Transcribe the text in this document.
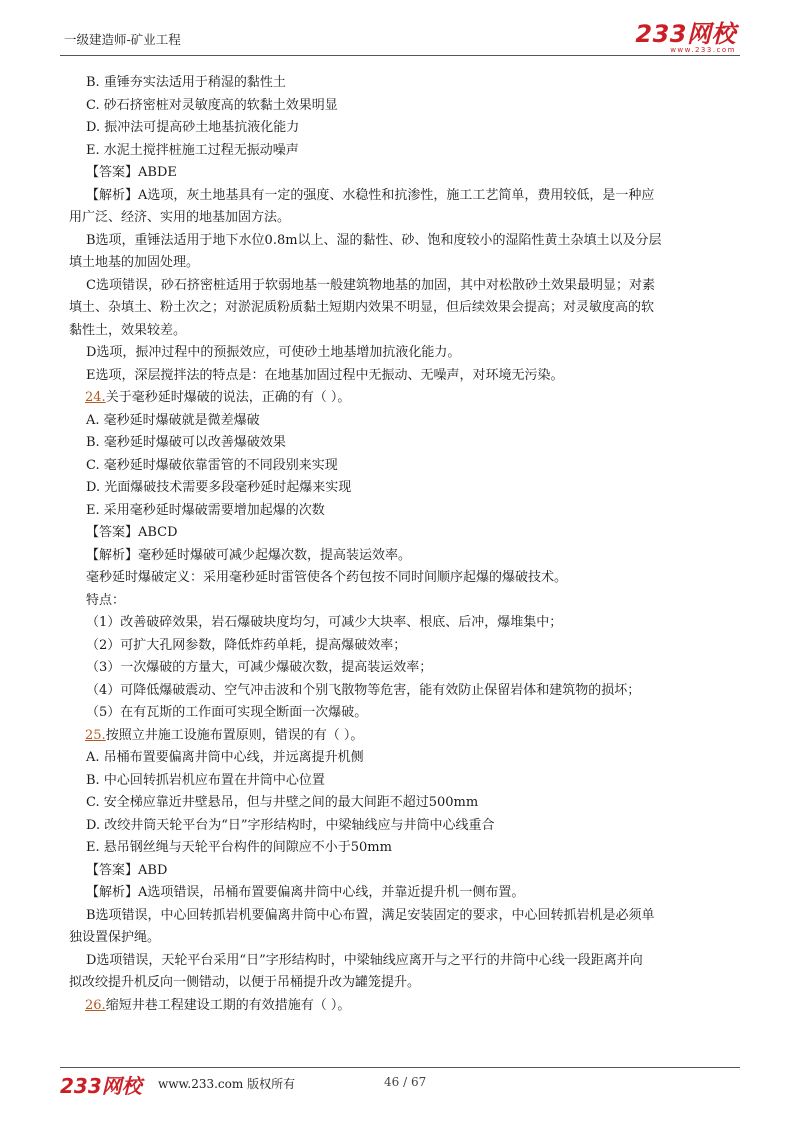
一级建造师-矿业工程	233网校
www.233.com
B. 重锤夯实法适用于稍湿的黏性土
C. 砂石挤密桩对灵敏度高的软黏土效果明显
D. 振冲法可提高砂土地基抗液化能力
E. 水泥土搅拌桩施工过程无振动噪声
【答案】ABDE
【解析】A选项，灰土地基具有一定的强度、水稳性和抗渗性，施工工艺简单，费用较低，是一种应
用广泛、经济、实用的地基加固方法。
B选项，重锤法适用于地下水位0.8m以上、湿的黏性、砂、饱和度较小的湿陷性黄土杂填土以及分层
填土地基的加固处理。
C选项错误，砂石挤密桩适用于软弱地基一般建筑物地基的加固，其中对松散砂土效果最明显；对素
填土、杂填土、粉土次之；对淤泥质粉质黏土短期内效果不明显，但后续效果会提高；对灵敏度高的软
黏性土，效果较差。
D选项，振冲过程中的预振效应，可使砂土地基增加抗液化能力。
E选项，深层搅拌法的特点是：在地基加固过程中无振动、无噪声，对环境无污染。
24.关于毫秒延时爆破的说法，正确的有（ ）。
A. 毫秒延时爆破就是微差爆破
B. 毫秒延时爆破可以改善爆破效果
C. 毫秒延时爆破依靠雷管的不同段别来实现
D. 光面爆破技术需要多段毫秒延时起爆来实现
E. 采用毫秒延时爆破需要增加起爆的次数
【答案】ABCD
【解析】毫秒延时爆破可减少起爆次数，提高装运效率。
毫秒延时爆破定义：采用毫秒延时雷管使各个药包按不同时间顺序起爆的爆破技术。
特点：
（1）改善破碎效果，岩石爆破块度均匀，可减少大块率、根底、后冲，爆堆集中；
（2）可扩大孔网参数，降低炸药单耗，提高爆破效率；
（3）一次爆破的方量大，可减少爆破次数，提高装运效率；
（4）可降低爆破震动、空气冲击波和个别飞散物等危害，能有效防止保留岩体和建筑物的损坏；
（5）在有瓦斯的工作面可实现全断面一次爆破。
25.按照立井施工设施布置原则，错误的有（ ）。
A. 吊桶布置要偏离井筒中心线，并远离提升机侧
B. 中心回转抓岩机应布置在井筒中心位置
C. 安全梯应靠近井壁悬吊，但与井壁之间的最大间距不超过500mm
D. 改绞井筒天轮平台为“日”字形结构时，中梁轴线应与井筒中心线重合
E. 悬吊钢丝绳与天轮平台构件的间隙应不小于50mm
【答案】ABD
【解析】A选项错误，吊桶布置要偏离井筒中心线，并靠近提升机一侧布置。
B选项错误，中心回转抓岩机要偏离井筒中心布置，满足安装固定的要求，中心回转抓岩机是必须单
独设置保护绳。
D选项错误，天轮平台采用“日”字形结构时，中梁轴线应离开与之平行的井筒中心线一段距离并向
拟改绞提升机反向一侧错动，以便于吊桶提升改为罐笼提升。
26.缩短井巷工程建设工期的有效措施有（ ）。
233网校 www.233.com 版权所有	46 / 67
